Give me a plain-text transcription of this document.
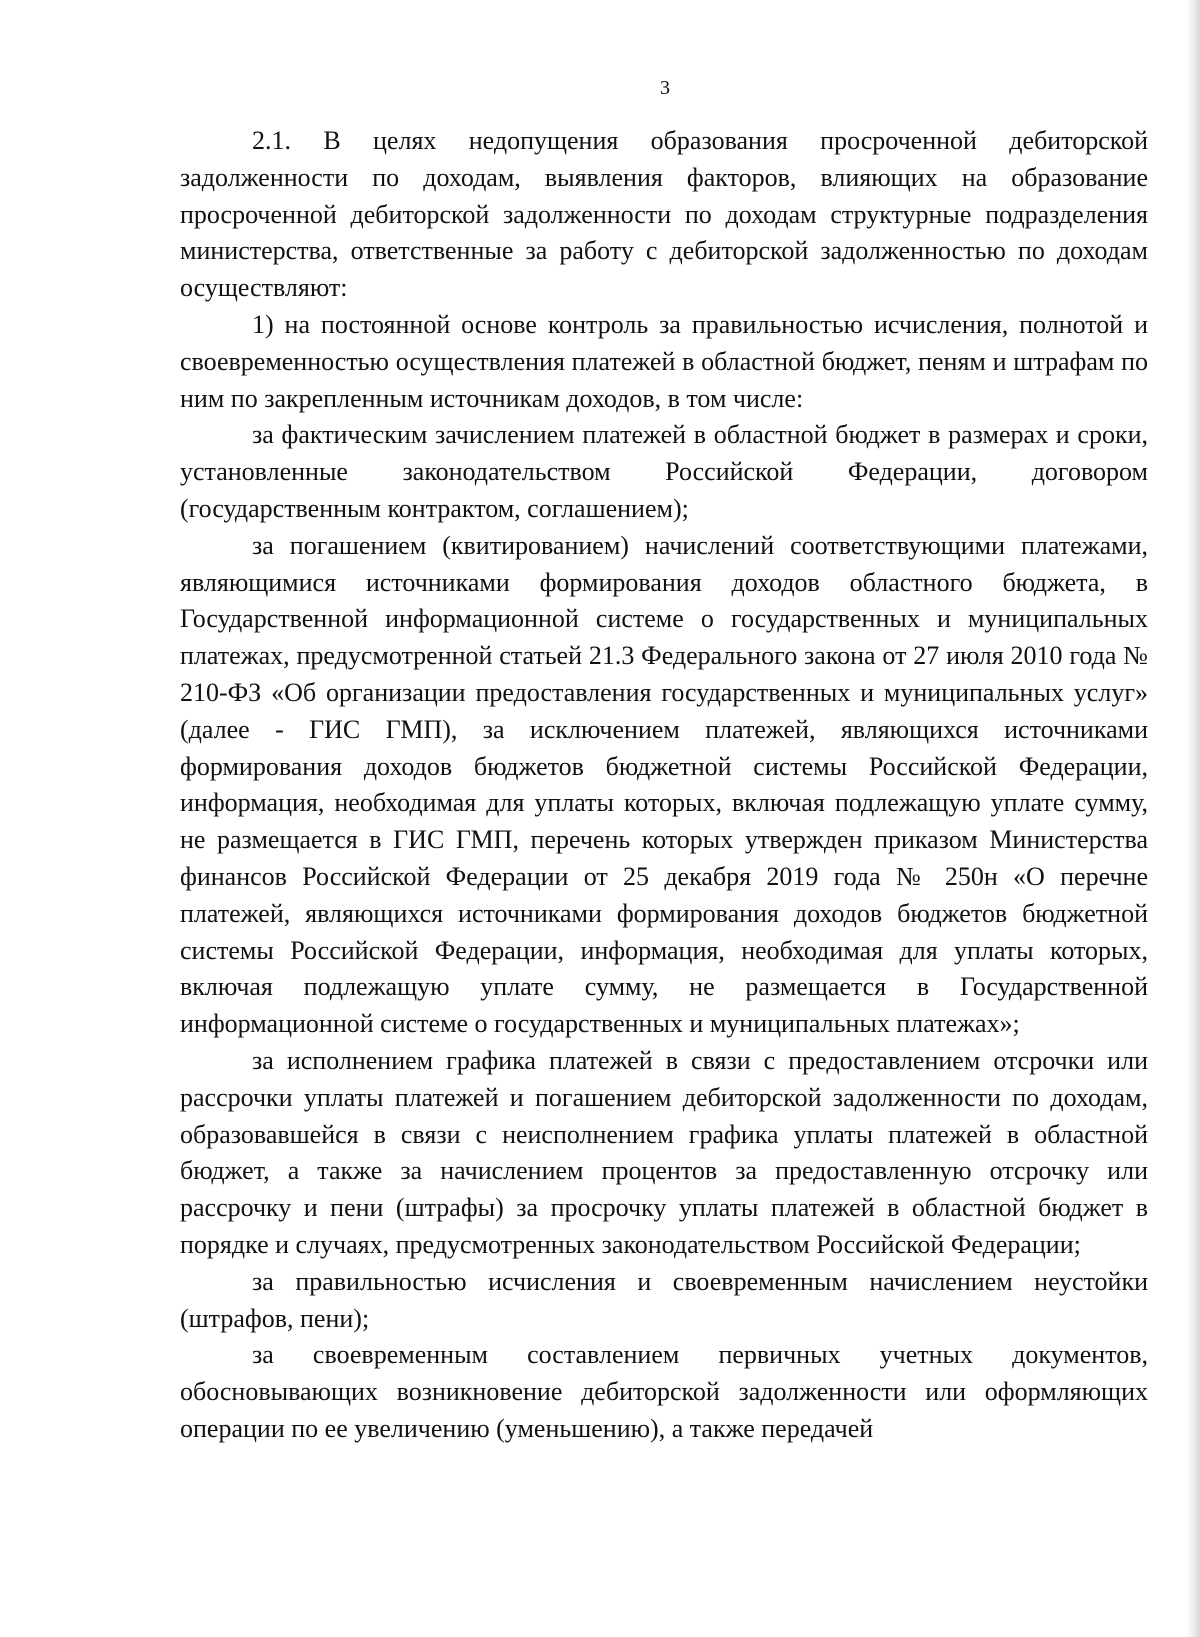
3

2.1. В целях недопущения образования просроченной дебиторской задолженности по доходам, выявления факторов, влияющих на образование просроченной дебиторской задолженности по доходам структурные подразделения министерства, ответственные за работу с дебиторской задолженностью по доходам осуществляют:

1) на постоянной основе контроль за правильностью исчисления, полнотой и своевременностью осуществления платежей в областной бюджет, пеням и штрафам по ним по закрепленным источникам доходов, в том числе:

за фактическим зачислением платежей в областной бюджет в размерах и сроки, установленные законодательством Российской Федерации, договором (государственным контрактом, соглашением);

за погашением (квитированием) начислений соответствующими платежами, являющимися источниками формирования доходов областного бюджета, в Государственной информационной системе о государственных и муниципальных платежах, предусмотренной статьей 21.3 Федерального закона от 27 июля 2010 года № 210-ФЗ «Об организации предоставления государственных и муниципальных услуг» (далее - ГИС ГМП), за исключением платежей, являющихся источниками формирования доходов бюджетов бюджетной системы Российской Федерации, информация, необходимая для уплаты которых, включая подлежащую уплате сумму, не размещается в ГИС ГМП, перечень которых утвержден приказом Министерства финансов Российской Федерации от 25 декабря 2019 года № 250н «О перечне платежей, являющихся источниками формирования доходов бюджетов бюджетной системы Российской Федерации, информация, необходимая для уплаты которых, включая подлежащую уплате сумму, не размещается в Государственной информационной системе о государственных и муниципальных платежах»;

за исполнением графика платежей в связи с предоставлением отсрочки или рассрочки уплаты платежей и погашением дебиторской задолженности по доходам, образовавшейся в связи с неисполнением графика уплаты платежей в областной бюджет, а также за начислением процентов за предоставленную отсрочку или рассрочку и пени (штрафы) за просрочку уплаты платежей в областной бюджет в порядке и случаях, предусмотренных законодательством Российской Федерации;

за правильностью исчисления и своевременным начислением неустойки (штрафов, пени);

за своевременным составлением первичных учетных документов, обосновывающих возникновение дебиторской задолженности или оформляющих операции по ее увеличению (уменьшению), а также передачей
